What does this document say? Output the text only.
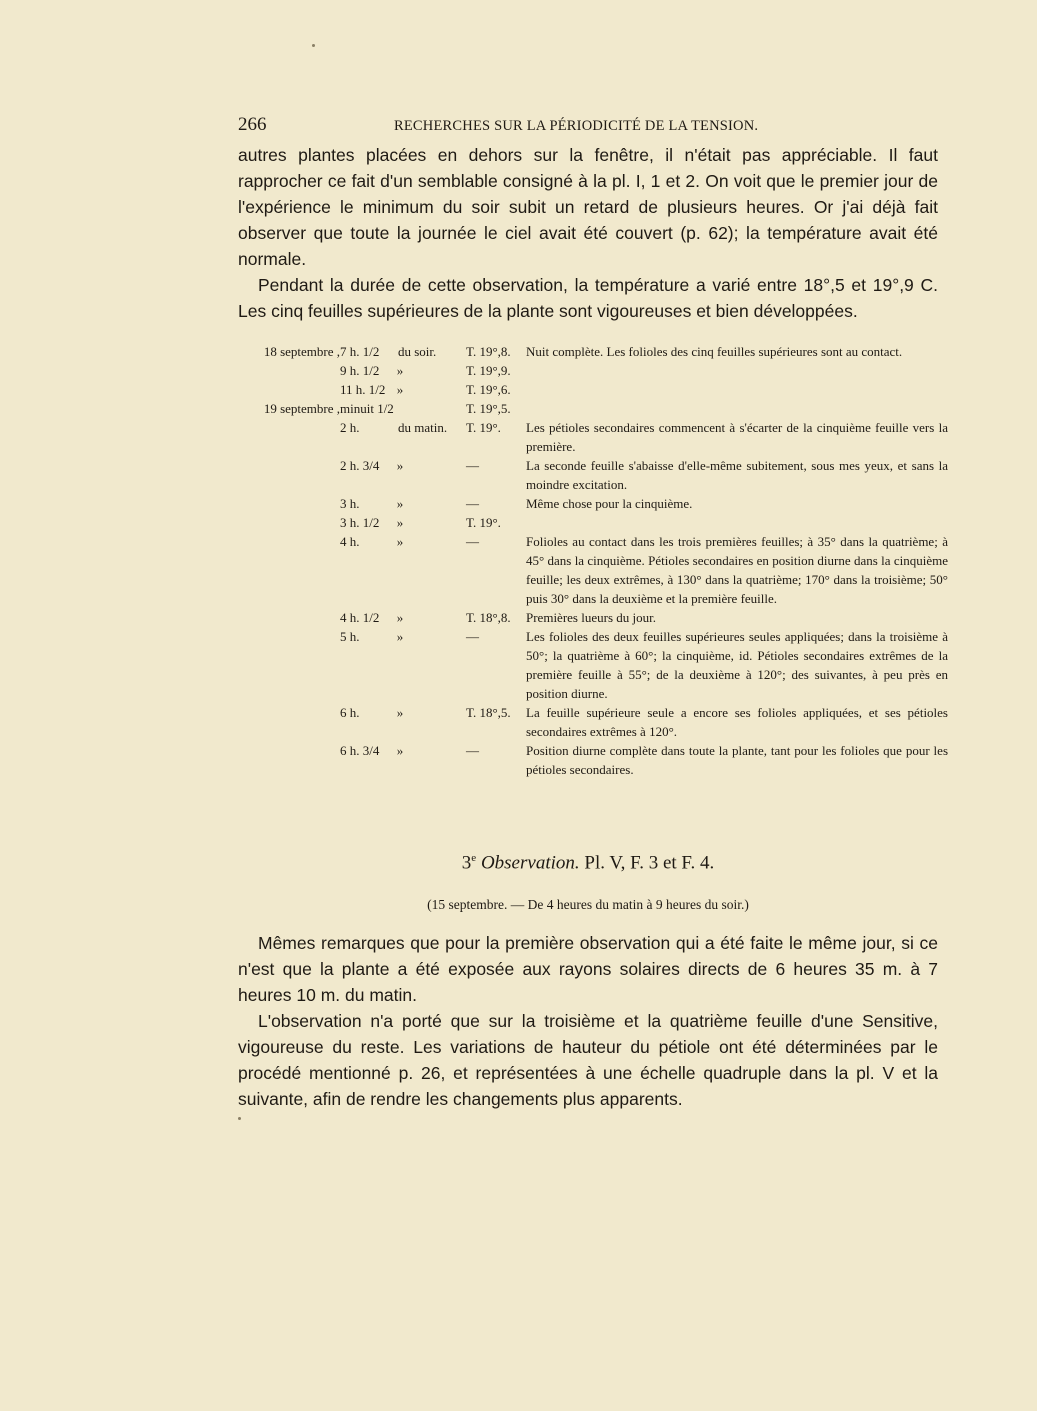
266	RECHERCHES SUR LA PÉRIODICITÉ DE LA TENSION.

autres plantes placées en dehors sur la fenêtre, il n'était pas appréciable. Il faut rapprocher ce fait d'un semblable consigné à la pl. I, 1 et 2. On voit que le premier jour de l'expérience le minimum du soir subit un retard de plusieurs heures. Or j'ai déjà fait observer que toute la journée le ciel avait été couvert (p. 62); la température avait été normale.

Pendant la durée de cette observation, la température a varié entre 18°,5 et 19°,9 C. Les cinq feuilles supérieures de la plante sont vigoureuses et bien développées.

18 septembre , 7 h. 1/2 du soir. T. 19°,8. Nuit complète. Les folioles des cinq feuilles supérieures sont au contact.
9 h. 1/2	»	T. 19°,9.

11 h. 1/2 »	T. 19°,6.

19 septembre , minuit 1/2	T. 19°,5.

2 h.	du matin. T. 19°. Les pétioles secondaires commencent à s'écarter de la cinquième feuille vers la première.
2 h. 3/4	»	—	La seconde feuille s'abaisse d'elle-même subitement, sous mes yeux, et sans la moindre excitation.
3 h.	»	—	Même chose pour la cinquième.
3 h. 1/2	»	T. 19°.

4 h.	»	—	Folioles au contact dans les trois premières feuilles; à 35° dans la quatrième; à 45° dans la cinquième. Pétioles secondaires en position diurne dans la cinquième feuille; les deux extrêmes, à 130° dans la quatrième; 170° dans la troisième; 50° puis 30° dans la deuxième et la première feuille.
4 h. 1/2	»	T. 18°,8. Premières lueurs du jour.
5 h.	»	—	Les folioles des deux feuilles supérieures seules appliquées; dans la troisième à 50°; la quatrième à 60°; la cinquième, id. Pétioles secondaires extrêmes de la première feuille à 55°; de la deuxième à 120°; des suivantes, à peu près en position diurne.
6 h.	»	T. 18°,5. La feuille supérieure seule a encore ses folioles appliquées, et ses pétioles secondaires extrêmes à 120°.
6 h. 3/4	»	—	Position diurne complète dans toute la plante, tant pour les folioles que pour les pétioles secondaires.
3e Observation. Pl. V, F. 3 et F. 4.
(15 septembre. — De 4 heures du matin à 9 heures du soir.)

Mêmes remarques que pour la première observation qui a été faite le même jour, si ce n'est que la plante a été exposée aux rayons solaires directs de 6 heures 35 m. à 7 heures 10 m. du matin.

L'observation n'a porté que sur la troisième et la quatrième feuille d'une Sensitive, vigoureuse du reste. Les variations de hauteur du pétiole ont été déterminées par le procédé mentionné p. 26, et représentées à une échelle quadruple dans la pl. V et la suivante, afin de rendre les changements plus apparents.
